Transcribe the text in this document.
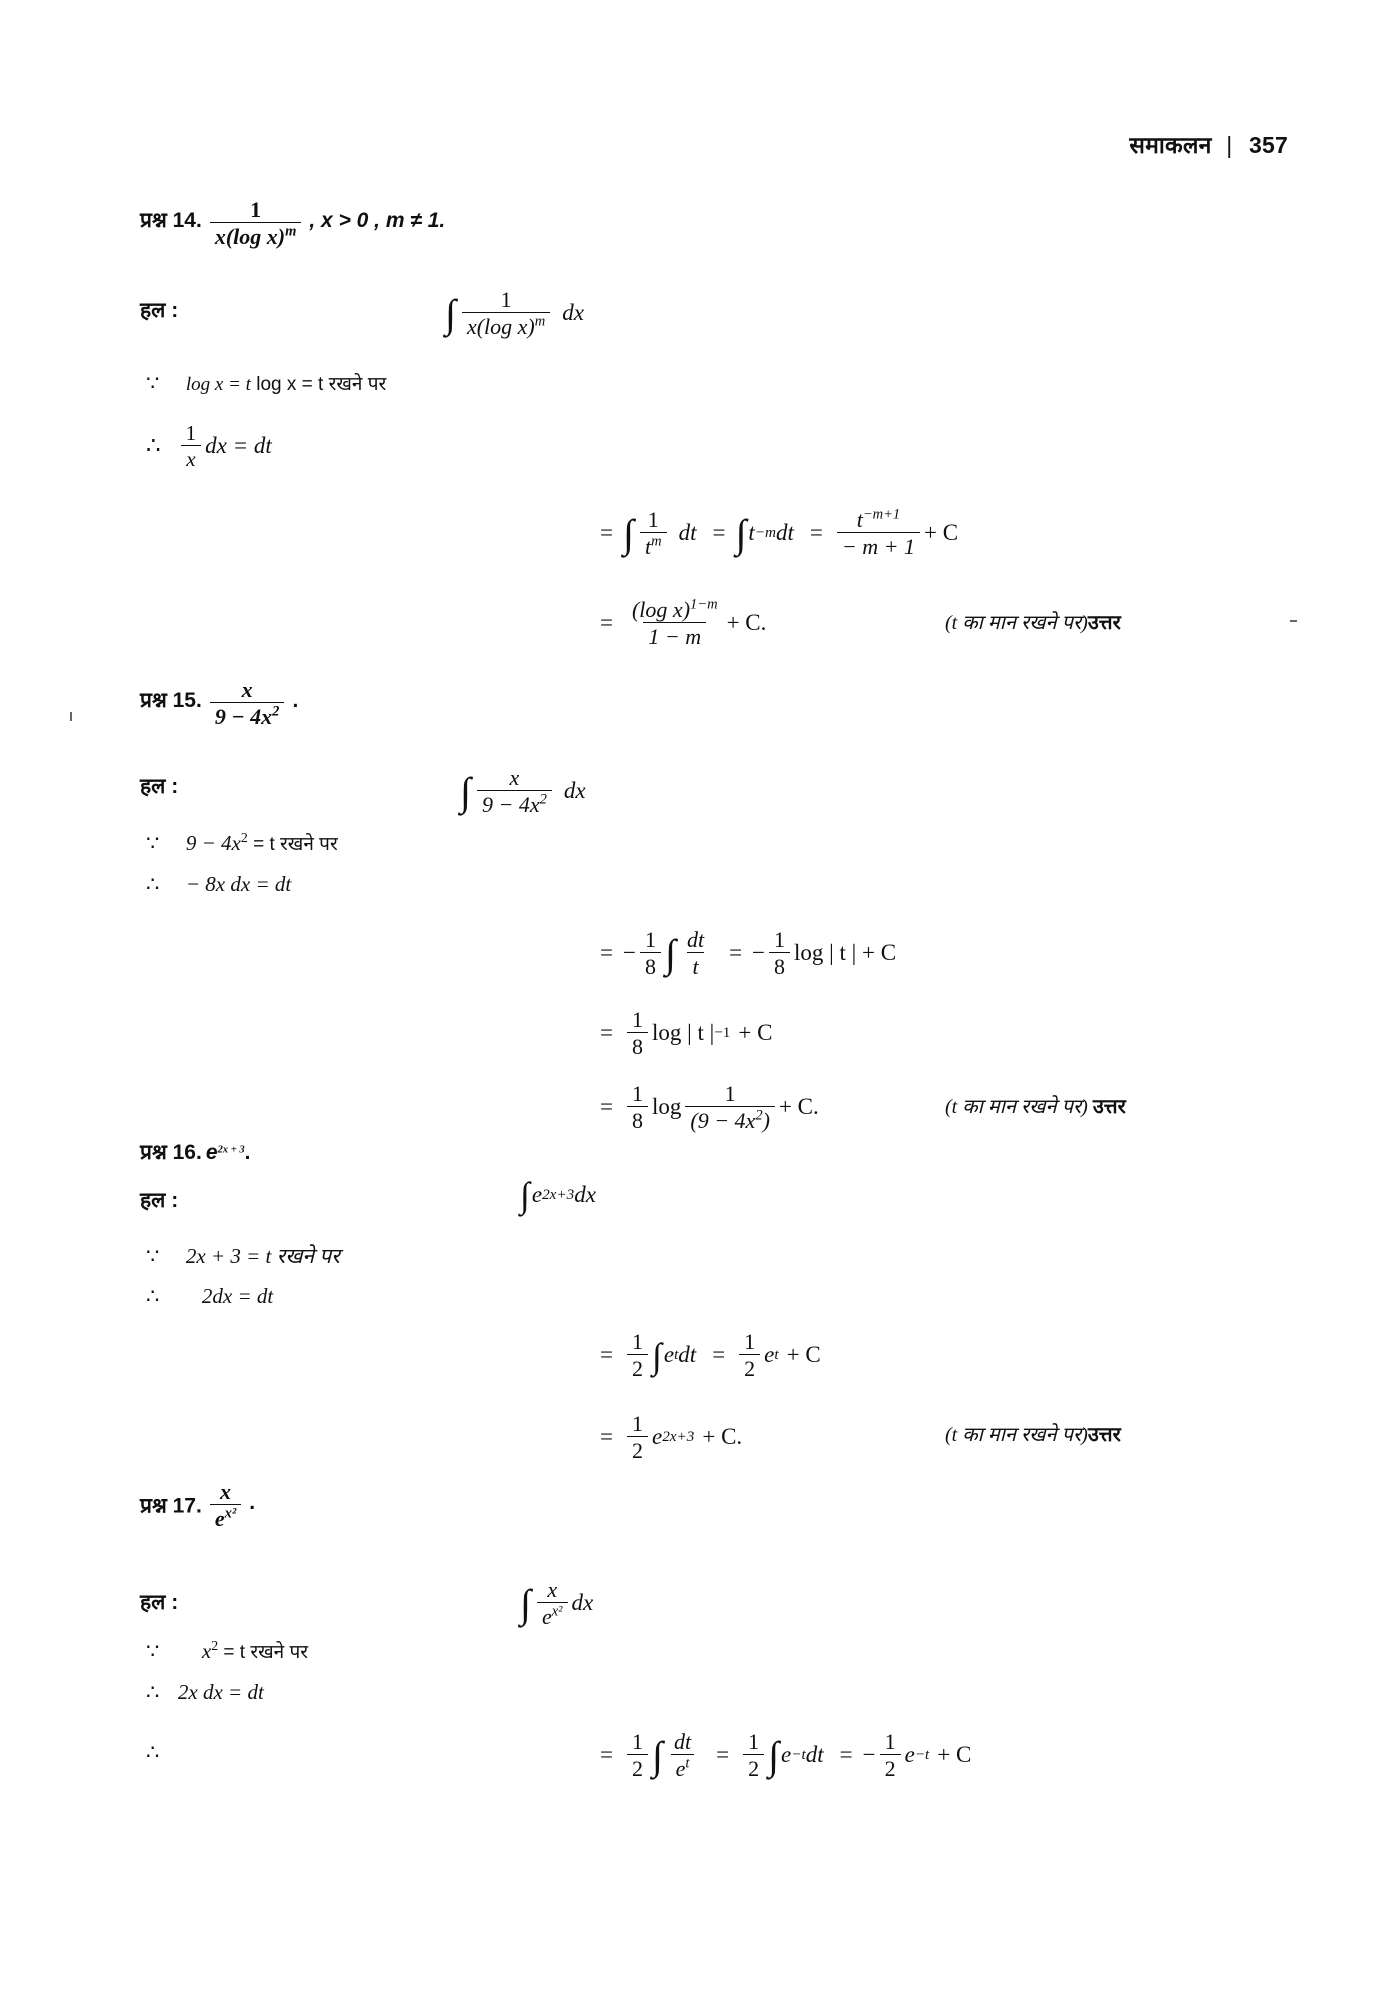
समाकलन | 357
प्रश्न 14. $\frac{1}{x(\log x)^m}$ , x > 0 , m ≠ 1.
हल :	∫ $\frac{1}{x(\log x)^m}$ dx
∵ log x = t log x = t रखने पर
∴ $\frac{1}{x}$ dx = dt
= ∫ $\frac{1}{t^m}$ dt = ∫ t −m dt = $\frac{t^{-m+1}}{- m + 1} + C$
= $\frac{(\log x)^{1-m}}{1 - m} + C$.	(t का मान रखने पर)उत्तर
प्रश्न 15. $\frac{x}{9 - 4x^2}$ .
हल :	∫ $\frac{x}{9 - 4x^2}$ dx
∵ $9 - 4x^2 = t$ रखने पर
∴ − 8x dx = dt
= − $\frac{1}{8}$ ∫ $\frac{dt}{t}$ = − $\frac{1}{8}$ log | t | + C
= $\frac{1}{8}$ log | t | −1 + C
= $\frac{1}{8}$ $\log \frac{1}{(9 - 4x^2)} + C$.	(t का मान रखने पर) उत्तर
प्रश्न 16. $e^{2x + 3}$.
हल :	∫ e 2x+3 dx
∵ 2x + 3 = t रखने पर
∴ 2dx = dt
= $\frac{1}{2}$ ∫ e t dt = $\frac{1}{2}$ e t + C
= $\frac{1}{2}$ e 2x+3 + C.	(t का मान रखने पर)उत्तर
प्रश्न 17. $\frac{x}{e^{x^2}}$ .
हल :	∫ $\frac{x}{e^{x^2}}$ dx
∵ $x^2 = t$ रखने पर
∴ 2x dx = dt
∴	= $\frac{1}{2}$ ∫ $\frac{dt}{e^t} = \frac{1}{2}$ ∫ e −t dt = − $\frac{1}{2}$ e −t + C
